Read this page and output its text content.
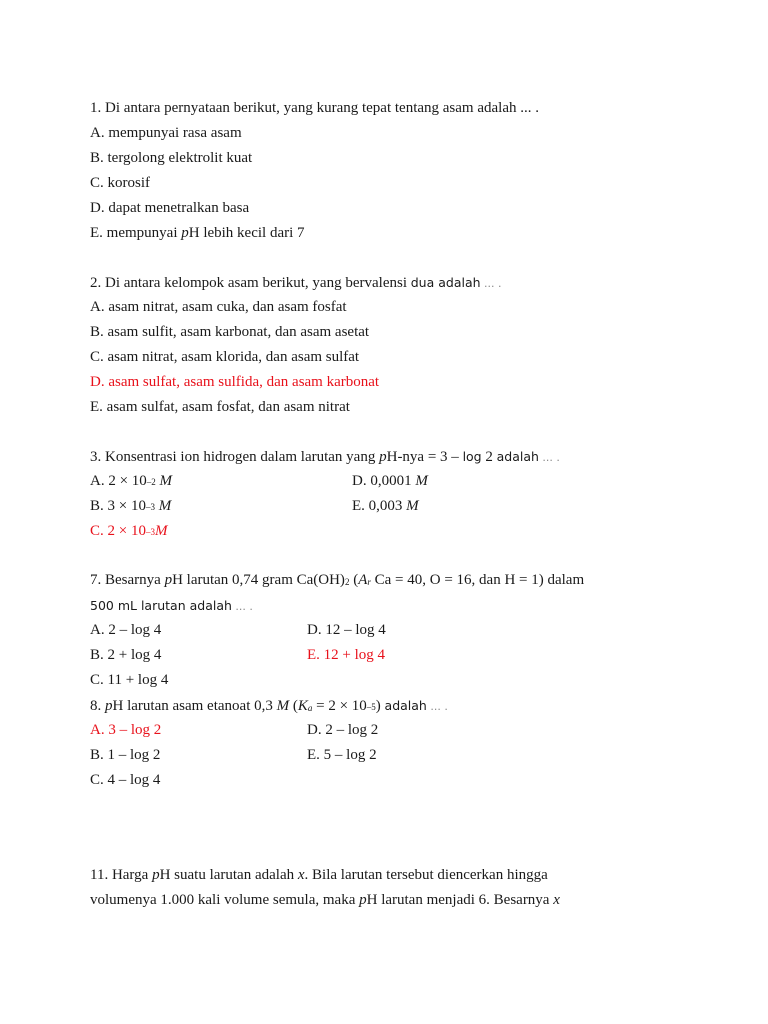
1. Di antara pernyataan berikut, yang kurang tepat tentang asam adalah ... .
A. mempunyai rasa asam
B. tergolong elektrolit kuat
C. korosif
D. dapat menetralkan basa
E. mempunyai pH lebih kecil dari 7
2. Di antara kelompok asam berikut, yang bervalensi dua adalah ... .
A. asam nitrat, asam cuka, dan asam fosfat
B. asam sulfit, asam karbonat, dan asam asetat
C. asam nitrat, asam klorida, dan asam sulfat
D. asam sulfat, asam sulfida, dan asam karbonat
E. asam sulfat, asam fosfat, dan asam nitrat
3. Konsentrasi ion hidrogen dalam larutan yang pH-nya = 3 – log 2 adalah ... .
A. 2 × 10–2 M	D. 0,0001 M
B. 3 × 10–3 M	E. 0,003 M
C. 2 × 10–3M
7. Besarnya pH larutan 0,74 gram Ca(OH)2 (Ar Ca = 40, O = 16, dan H = 1) dalam
500 mL larutan adalah ... .
A. 2 – log 4	D. 12 – log 4
B. 2 + log 4	E. 12 + log 4
C. 11 + log 4
8. pH larutan asam etanoat 0,3 M (Ka = 2 × 10–5) adalah ... .
A. 3 – log 2	D. 2 – log 2
B. 1 – log 2	E. 5 – log 2
C. 4 – log 4
11. Harga pH suatu larutan adalah x. Bila larutan tersebut diencerkan hingga
volumenya 1.000 kali volume semula, maka pH larutan menjadi 6. Besarnya x
